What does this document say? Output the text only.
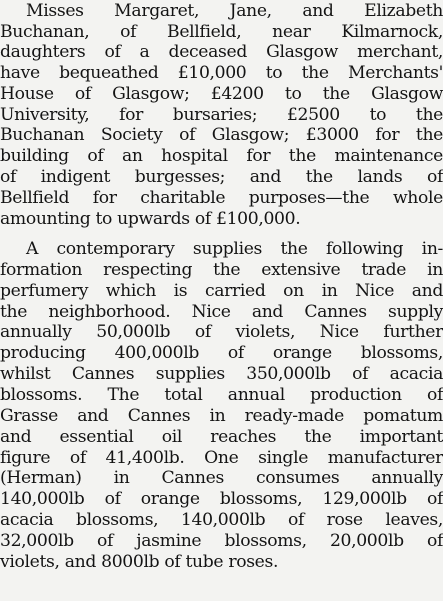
Misses Margaret, Jane, and Elizabeth
Buchanan, of Bellfield, near Kilmarnock,
daughters of a deceased Glasgow merchant,
have bequeathed £10,000 to the Merchants'
House of Glasgow; £4200 to the Glasgow
University, for bursaries; £2500 to the
Buchanan Society of Glasgow; £3000 for the
building of an hospital for the maintenance
of indigent burgesses; and the lands of
Bellfield for charitable purposes—the whole
amounting to upwards of £100,000.
A contemporary supplies the following in-
formation respecting the extensive trade in
perfumery which is carried on in Nice and
the neighborhood. Nice and Cannes supply
annually 50,000lb of violets, Nice further
producing 400,000lb of orange blossoms,
whilst Cannes supplies 350,000lb of acacia
blossoms. The total annual production of
Grasse and Cannes in ready-made pomatum
and essential oil reaches the important
figure of 41,400lb. One single manufacturer
(Herman) in Cannes consumes annually
140,000lb of orange blossoms, 129,000lb of
acacia blossoms, 140,000lb of rose leaves,
32,000lb of jasmine blossoms, 20,000lb of
violets, and 8000lb of tube roses.
